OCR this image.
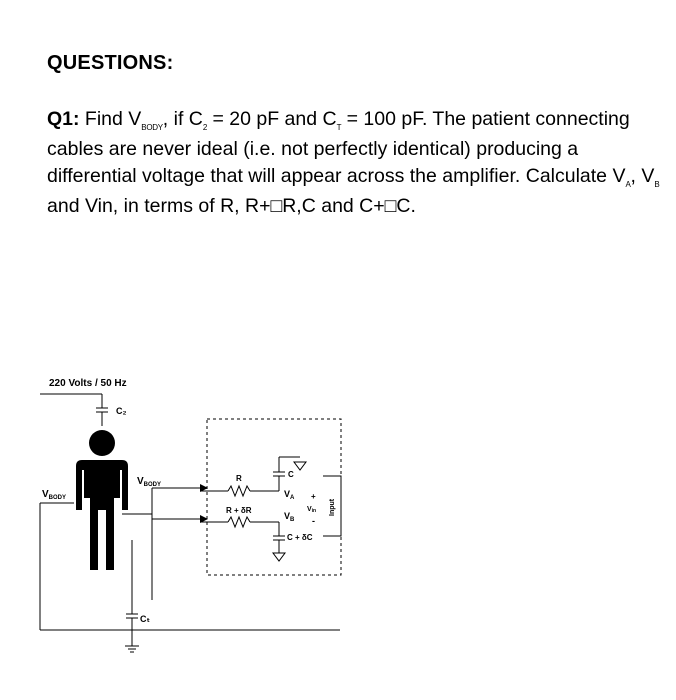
QUESTIONS:
Q1: Find $V_{BODY}$, if $C_2 = 20$ pF and $C_T = 100$ pF. The patient connecting cables are never ideal (i.e. not perfectly identical) producing a differential voltage that will appear across the amplifier. Calculate $V_A$, $V_B$ and Vin, in terms of R, R+□R,C and C+□C.
220 Volts / 50 Hz
C₂
Cₜ
$V_{BODY}$
$V_{BODY}$
R
R + δR
C
C + δC
$V_A$
$V_B$
+
Vin
-
Input
